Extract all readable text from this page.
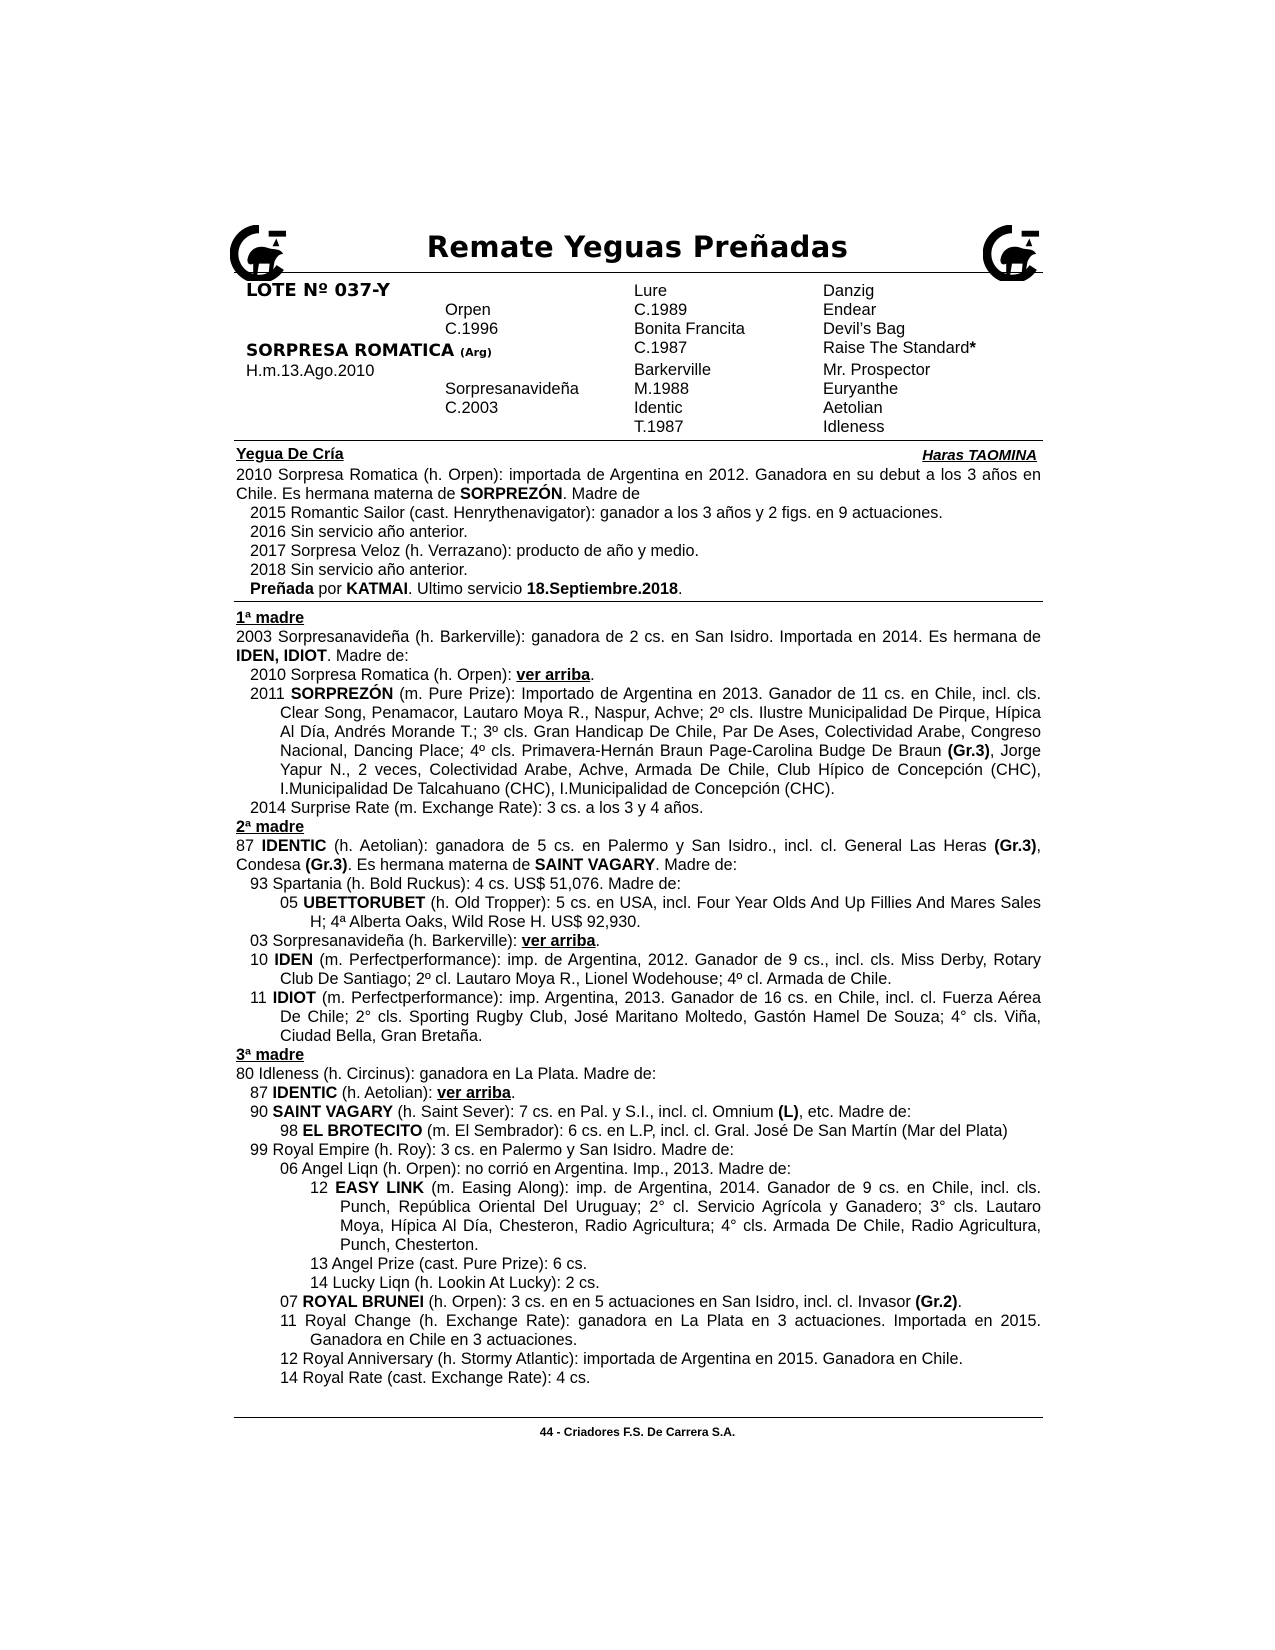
Remate Yeguas Preñadas
LOTE Nº 037-Y
SORPRESA ROMATICA (Arg)
H.m.13.Ago.2010
Orpen
C.1996
Sorpresanavideña
C.2003
Lure
C.1989
Bonita Francita
C.1987
Barkerville
M.1988
Identic
T.1987
Danzig
Endear
Devil’s Bag
Raise The Standard*
Mr. Prospector
Euryanthe
Aetolian
Idleness
Yegua De Cría	Haras TAOMINA

2010 Sorpresa Romatica (h. Orpen): importada de Argentina en 2012. Ganadora en su debut a los 3 años en Chile. Es hermana materna de SORPREZÓN. Madre de

2015 Romantic Sailor (cast. Henrythenavigator): ganador a los 3 años y 2 figs. en 9 actuaciones.

2016 Sin servicio año anterior.

2017 Sorpresa Veloz (h. Verrazano): producto de año y medio.

2018 Sin servicio año anterior.

Preñada por KATMAI. Ultimo servicio 18.Septiembre.2018.

1ª madre

2003 Sorpresanavideña (h. Barkerville): ganadora de 2 cs. en San Isidro. Importada en 2014. Es hermana de IDEN, IDIOT. Madre de:

2010 Sorpresa Romatica (h. Orpen): ver arriba.

2011 SORPREZÓN (m. Pure Prize): Importado de Argentina en 2013. Ganador de 11 cs. en Chile, incl. cls. Clear Song, Penamacor, Lautaro Moya R., Naspur, Achve; 2º cls. Ilustre Municipalidad De Pirque, Hípica Al Día, Andrés Morande T.; 3º cls. Gran Handicap De Chile, Par De Ases, Colectividad Arabe, Congreso Nacional, Dancing Place; 4º cls. Primavera-Hernán Braun Page-Carolina Budge De Braun (Gr.3), Jorge Yapur N., 2 veces, Colectividad Arabe, Achve, Armada De Chile, Club Hípico de Concepción (CHC), I.Municipalidad De Talcahuano (CHC), I.Municipalidad de Concepción (CHC).

2014 Surprise Rate (m. Exchange Rate): 3 cs. a los 3 y 4 años.

2ª madre

87 IDENTIC (h. Aetolian): ganadora de 5 cs. en Palermo y San Isidro., incl. cl. General Las Heras (Gr.3), Condesa (Gr.3). Es hermana materna de SAINT VAGARY. Madre de:

93 Spartania (h. Bold Ruckus): 4 cs. US$ 51,076. Madre de:

05 UBETTORUBET (h. Old Tropper): 5 cs. en USA, incl. Four Year Olds And Up Fillies And Mares Sales H; 4ª Alberta Oaks, Wild Rose H. US$ 92,930.

03 Sorpresanavideña (h. Barkerville): ver arriba.

10 IDEN (m. Perfectperformance): imp. de Argentina, 2012. Ganador de 9 cs., incl. cls. Miss Derby, Rotary Club De Santiago; 2º cl. Lautaro Moya R., Lionel Wodehouse; 4º cl. Armada de Chile.

11 IDIOT (m. Perfectperformance): imp. Argentina, 2013. Ganador de 16 cs. en Chile, incl. cl. Fuerza Aérea De Chile; 2° cls. Sporting Rugby Club, José Maritano Moltedo, Gastón Hamel De Souza; 4° cls. Viña, Ciudad Bella, Gran Bretaña.

3ª madre

80 Idleness (h. Circinus): ganadora en La Plata. Madre de:

87 IDENTIC (h. Aetolian): ver arriba.

90 SAINT VAGARY (h. Saint Sever): 7 cs. en Pal. y S.I., incl. cl. Omnium (L), etc. Madre de:

98 EL BROTECITO (m. El Sembrador): 6 cs. en L.P, incl. cl. Gral. José De San Martín (Mar del Plata)

99 Royal Empire (h. Roy): 3 cs. en Palermo y San Isidro. Madre de:

06 Angel Liqn (h. Orpen): no corrió en Argentina. Imp., 2013. Madre de:

12 EASY LINK (m. Easing Along): imp. de Argentina, 2014. Ganador de 9 cs. en Chile, incl. cls. Punch, República Oriental Del Uruguay; 2° cl. Servicio Agrícola y Ganadero; 3° cls. Lautaro Moya, Hípica Al Día, Chesteron, Radio Agricultura; 4° cls. Armada De Chile, Radio Agricultura, Punch, Chesterton.

13 Angel Prize (cast. Pure Prize): 6 cs.

14 Lucky Liqn (h. Lookin At Lucky): 2 cs.

07 ROYAL BRUNEI (h. Orpen): 3 cs. en en 5 actuaciones en San Isidro, incl. cl. Invasor (Gr.2).

11 Royal Change (h. Exchange Rate): ganadora en La Plata en 3 actuaciones. Importada en 2015. Ganadora en Chile en 3 actuaciones.

12 Royal Anniversary (h. Stormy Atlantic): importada de Argentina en 2015. Ganadora en Chile.

14 Royal Rate (cast. Exchange Rate): 4 cs.

44 - Criadores F.S. De Carrera S.A.
